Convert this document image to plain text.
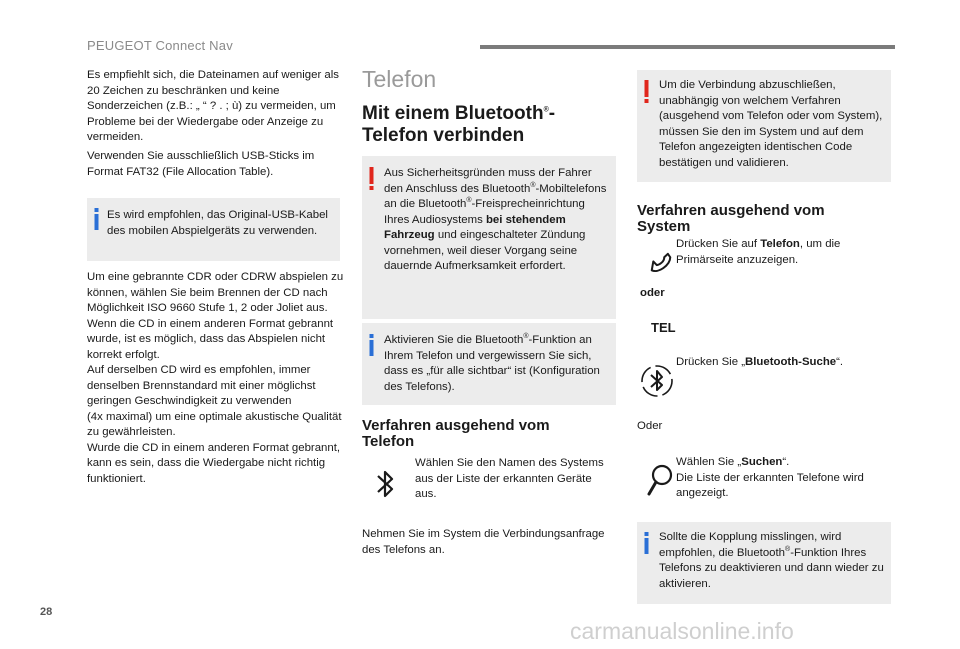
PEUGEOT Connect Nav

Es empfiehlt sich, die Dateinamen auf weniger als 20 Zeichen zu beschränken und keine Sonderzeichen (z.B.: „ “ ? . ; ù) zu vermeiden, um Probleme bei der Wiedergabe oder Anzeige zu vermeiden.

Verwenden Sie ausschließlich USB-Sticks im Format FAT32 (File Allocation Table).

Es wird empfohlen, das Original-USB-Kabel des mobilen Abspielgeräts zu verwenden.

Um eine gebrannte CDR oder CDRW abspielen zu können, wählen Sie beim Brennen der CD nach Möglichkeit ISO 9660 Stufe 1, 2 oder Joliet aus.

Wenn die CD in einem anderen Format gebrannt wurde, ist es möglich, dass das Abspielen nicht korrekt erfolgt.

Auf derselben CD wird es empfohlen, immer denselben Brennstandard mit einer möglichst geringen Geschwindigkeit zu verwenden

(4x maximal) um eine optimale akustische Qualität zu gewährleisten.

Wurde die CD in einem anderen Format gebrannt, kann es sein, dass die Wiedergabe nicht richtig funktioniert.

Telefon
Mit einem Bluetooth®-
Telefon verbinden

Aus Sicherheitsgründen muss der Fahrer den Anschluss des Bluetooth®-Mobiltelefons an die Bluetooth®-Freisprecheinrichtung Ihres Audiosystems bei stehendem Fahrzeug und eingeschalteter Zündung vornehmen, weil dieser Vorgang seine dauernde Aufmerksamkeit erfordert.

Aktivieren Sie die Bluetooth®-Funktion an Ihrem Telefon und vergewissern Sie sich, dass es „für alle sichtbar“ ist (Konfiguration des Telefons).

Verfahren ausgehend vom
Telefon

Wählen Sie den Namen des Systems aus der Liste der erkannten Geräte aus.

Nehmen Sie im System die Verbindungsanfrage des Telefons an.

Um die Verbindung abzuschließen, unabhängig von welchem Verfahren (ausgehend vom Telefon oder vom System), müssen Sie den im System und auf dem Telefon angezeigten identischen Code bestätigen und validieren.

Verfahren ausgehend vom
System

Drücken Sie auf Telefon, um die Primärseite anzuzeigen.

oder
TEL

Drücken Sie „Bluetooth-Suche“.

Oder

Wählen Sie „Suchen“.

Die Liste der erkannten Telefone wird angezeigt.

Sollte die Kopplung misslingen, wird empfohlen, die Bluetooth®-Funktion Ihres Telefons zu deaktivieren und dann wieder zu aktivieren.

28
carmanualsonline.info
